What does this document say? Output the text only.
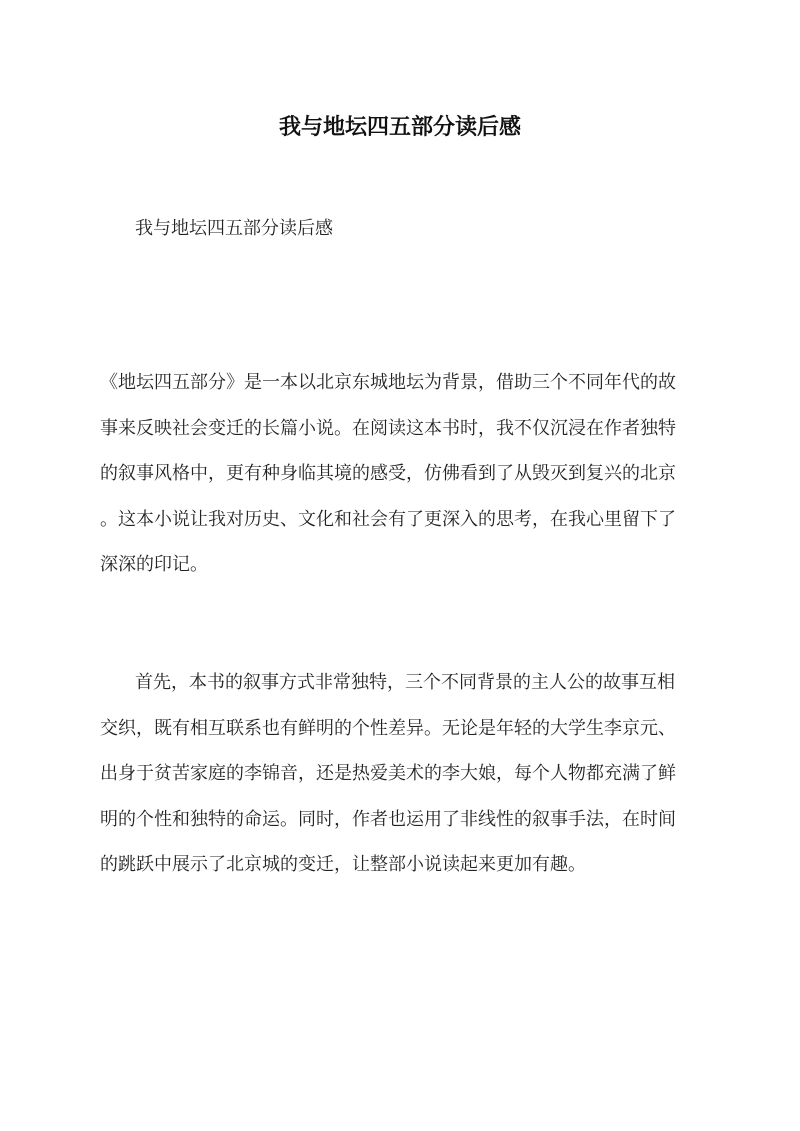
我与地坛四五部分读后感
我与地坛四五部分读后感
《地坛四五部分》是一本以北京东城地坛为背景，借助三个不同年代的故
事来反映社会变迁的长篇小说。在阅读这本书时，我不仅沉浸在作者独特
的叙事风格中，更有种身临其境的感受，仿佛看到了从毁灭到复兴的北京
。这本小说让我对历史、文化和社会有了更深入的思考，在我心里留下了
深深的印记。
首先，本书的叙事方式非常独特，三个不同背景的主人公的故事互相
交织，既有相互联系也有鲜明的个性差异。无论是年轻的大学生李京元、
出身于贫苦家庭的李锦音，还是热爱美术的李大娘，每个人物都充满了鲜
明的个性和独特的命运。同时，作者也运用了非线性的叙事手法，在时间
的跳跃中展示了北京城的变迁，让整部小说读起来更加有趣。
